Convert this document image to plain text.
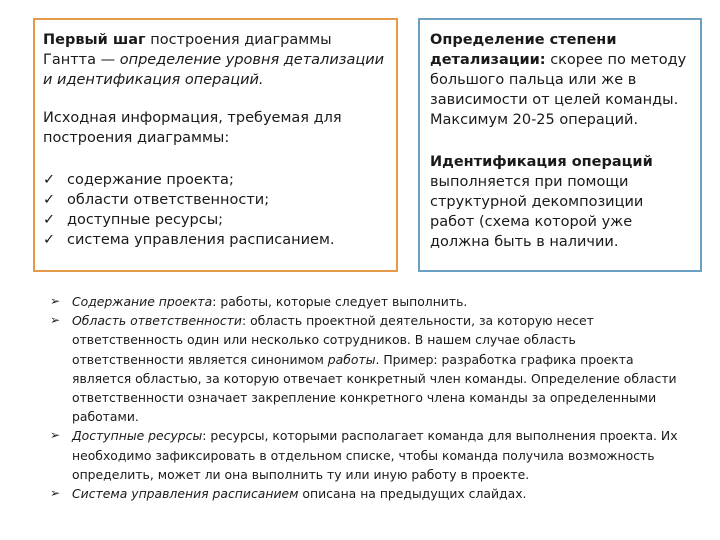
Первый шаг построения диаграммы Гантта — определение уровня детализации и идентификация операций.

Исходная информация, требуемая для построения диаграммы:

✓ содержание проекта;
✓ области ответственности;
✓ доступные ресурсы;
✓ система управления расписанием.

Определение степени детализации: скорее по методу большого пальца или же в зависимости от целей команды. Максимум 20-25 операций.

Идентификация операций выполняется при помощи структурной декомпозиции работ (схема которой уже должна быть в наличии.

➢ Содержание проекта: работы, которые следует выполнить.

➢ Область ответственности: область проектной деятельности, за которую несет ответственность один или несколько сотрудников. В нашем случае область ответственности является синонимом работы. Пример: разработка графика проекта является областью, за которую отвечает конкретный член команды. Определение области ответственности означает закрепление конкретного члена команды за определенными работами.

➢ Доступные ресурсы: ресурсы, которыми располагает команда для выполнения проекта. Их необходимо зафиксировать в отдельном списке, чтобы команда получила возможность определить, может ли она выполнить ту или иную работу в проекте.

➢ Система управления расписанием описана на предыдущих слайдах.
